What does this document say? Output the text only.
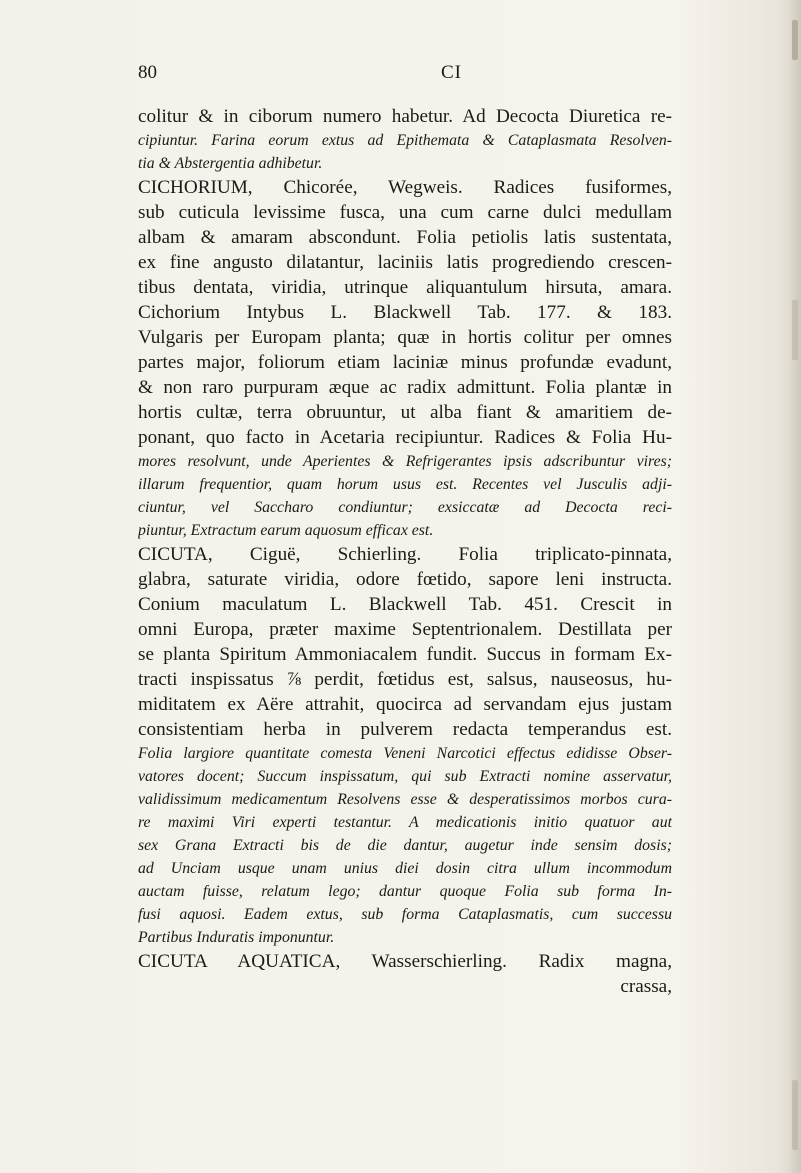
80	CI
colitur & in ciborum numero habetur. Ad Decocta Diuretica re-
cipiuntur. Farina eorum extus ad Epithemata & Cataplasmata Resolven-
tia & Abstergentia adhibetur.
CICHORIUM, Chicorée, Wegweis. Radices fusiformes,
sub cuticula levissime fusca, una cum carne dulci medullam
albam & amaram abscondunt. Folia petiolis latis sustentata,
ex fine angusto dilatantur, laciniis latis progrediendo crescen-
tibus dentata, viridia, utrinque aliquantulum hirsuta, amara.
Cichorium Intybus L. Blackwell Tab. 177. & 183.
Vulgaris per Europam planta; quæ in hortis colitur per omnes
partes major, foliorum etiam laciniæ minus profundæ evadunt,
& non raro purpuram æque ac radix admittunt. Folia plantæ in
hortis cultæ, terra obruuntur, ut alba fiant & amaritiem de-
ponant, quo facto in Acetaria recipiuntur. Radices & Folia Hu-
mores resolvunt, unde Aperientes & Refrigerantes ipsis adscribuntur vires;
illarum frequentior, quam horum usus est. Recentes vel Jusculis adji-
ciuntur, vel Saccharo condiuntur; exsiccatæ ad Decocta reci-
piuntur, Extractum earum aquosum efficax est.
CICUTA, Ciguë, Schierling. Folia triplicato-pinnata,
glabra, saturate viridia, odore fœtido, sapore leni instructa.
Conium maculatum L. Blackwell Tab. 451. Crescit in
omni Europa, præter maxime Septentrionalem. Destillata per
se planta Spiritum Ammoniacalem fundit. Succus in formam Ex-
tracti inspissatus ⅞ perdit, fœtidus est, salsus, nauseosus, hu-
miditatem ex Aëre attrahit, quocirca ad servandam ejus justam
consistentiam herba in pulverem redacta temperandus est.
Folia largiore quantitate comesta Veneni Narcotici effectus edidisse Obser-
vatores docent; Succum inspissatum, qui sub Extracti nomine asservatur,
validissimum medicamentum Resolvens esse & desperatissimos morbos cura-
re maximi Viri experti testantur. A medicationis initio quatuor aut
sex Grana Extracti bis de die dantur, augetur inde sensim dosis;
ad Unciam usque unam unius diei dosin citra ullum incommodum
auctam fuisse, relatum lego; dantur quoque Folia sub forma In-
fusi aquosi. Eadem extus, sub forma Cataplasmatis, cum successu
Partibus Induratis imponuntur.
CICUTA AQUATICA, Wasserschierling. Radix magna,
crassa,
